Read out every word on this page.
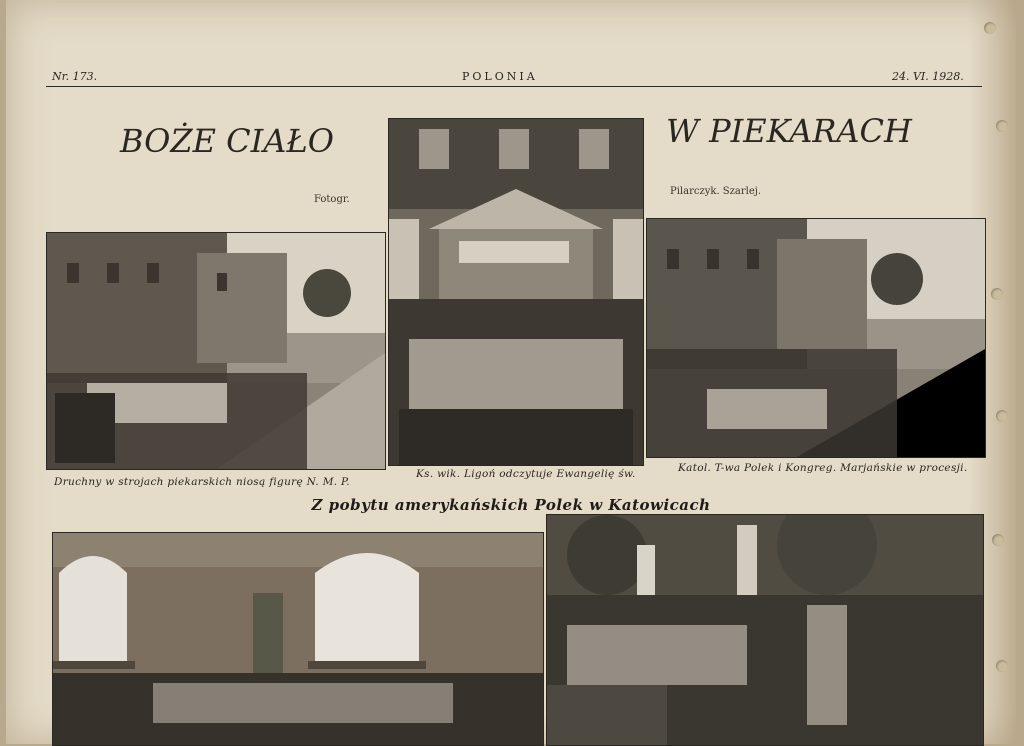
Nr. 173.	POLONIA	24. VI. 1928.
BOŻE CIAŁO
Fotogr.
W PIEKARACH
Pilarczyk. Szarlej.
Druchny w strojach piekarskich niosą figurę N. M. P.
Ks. wik. Ligoń odczytuje Ewangelię św.	Katol. T-wa Polek i Kongreg. Marjańskie w procesji.
Z pobytu amerykańskich Polek w Katowicach
